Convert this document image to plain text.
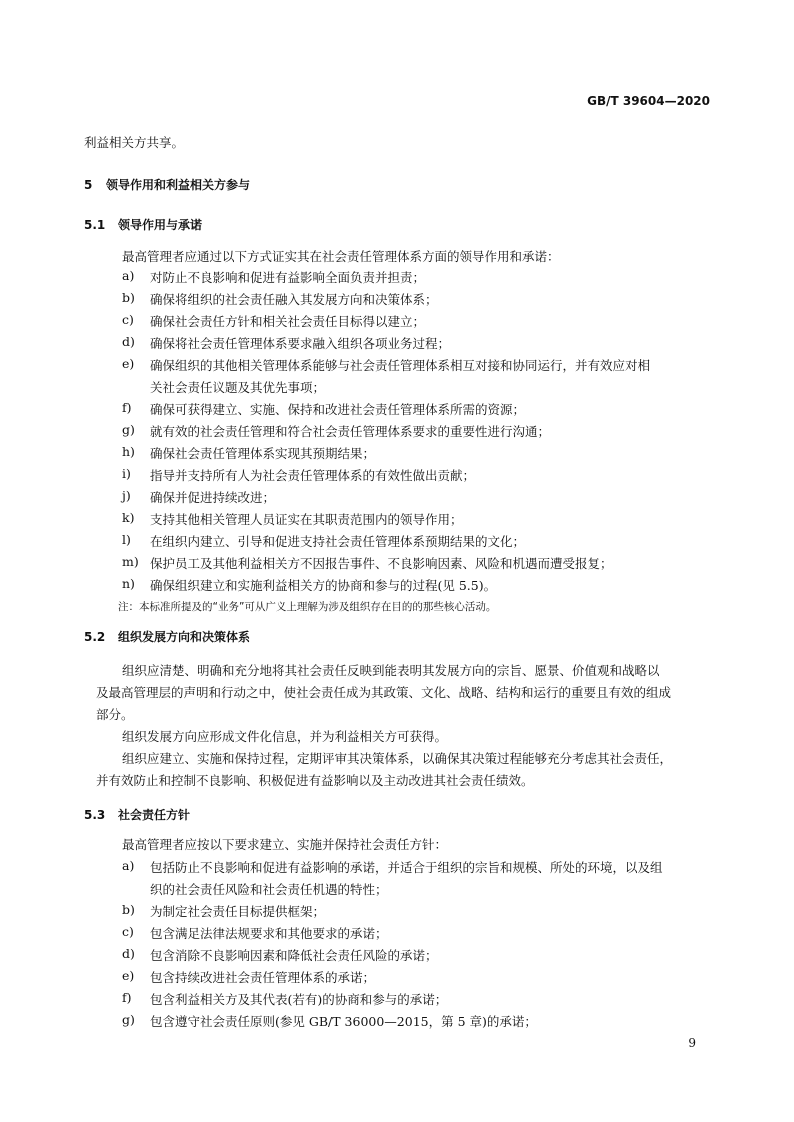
GB/T 39604—2020
利益相关方共享。
5 领导作用和利益相关方参与
5.1 领导作用与承诺
最高管理者应通过以下方式证实其在社会责任管理体系方面的领导作用和承诺：
a)	对防止不良影响和促进有益影响全面负责并担责；
b)	确保将组织的社会责任融入其发展方向和决策体系；
c)	确保社会责任方针和相关社会责任目标得以建立；
d)	确保将社会责任管理体系要求融入组织各项业务过程；
e)	确保组织的其他相关管理体系能够与社会责任管理体系相互对接和协同运行，并有效应对相
关社会责任议题及其优先事项；
f)	确保可获得建立、实施、保持和改进社会责任管理体系所需的资源；
g)	就有效的社会责任管理和符合社会责任管理体系要求的重要性进行沟通；
h)	确保社会责任管理体系实现其预期结果；
i)	指导并支持所有人为社会责任管理体系的有效性做出贡献；
j)	确保并促进持续改进；
k)	支持其他相关管理人员证实在其职责范围内的领导作用；
l)	在组织内建立、引导和促进支持社会责任管理体系预期结果的文化；
m) 保护员工及其他利益相关方不因报告事件、不良影响因素、风险和机遇而遭受报复；
n)	确保组织建立和实施利益相关方的协商和参与的过程(见 5.5)。
注：本标准所提及的“业务”可从广义上理解为涉及组织存在目的的那些核心活动。
5.2 组织发展方向和决策体系
组织应清楚、明确和充分地将其社会责任反映到能表明其发展方向的宗旨、愿景、价值观和战略以
及最高管理层的声明和行动之中，使社会责任成为其政策、文化、战略、结构和运行的重要且有效的组成
部分。
组织发展方向应形成文件化信息，并为利益相关方可获得。
组织应建立、实施和保持过程，定期评审其决策体系，以确保其决策过程能够充分考虑其社会责任，
并有效防止和控制不良影响、积极促进有益影响以及主动改进其社会责任绩效。
5.3 社会责任方针
最高管理者应按以下要求建立、实施并保持社会责任方针：
a)	包括防止不良影响和促进有益影响的承诺，并适合于组织的宗旨和规模、所处的环境，以及组
织的社会责任风险和社会责任机遇的特性；
b)	为制定社会责任目标提供框架；
c)	包含满足法律法规要求和其他要求的承诺；
d)	包含消除不良影响因素和降低社会责任风险的承诺；
e)	包含持续改进社会责任管理体系的承诺；
f)	包含利益相关方及其代表(若有)的协商和参与的承诺；
g)	包含遵守社会责任原则(参见 GB/T 36000—2015，第 5 章)的承诺；
9
